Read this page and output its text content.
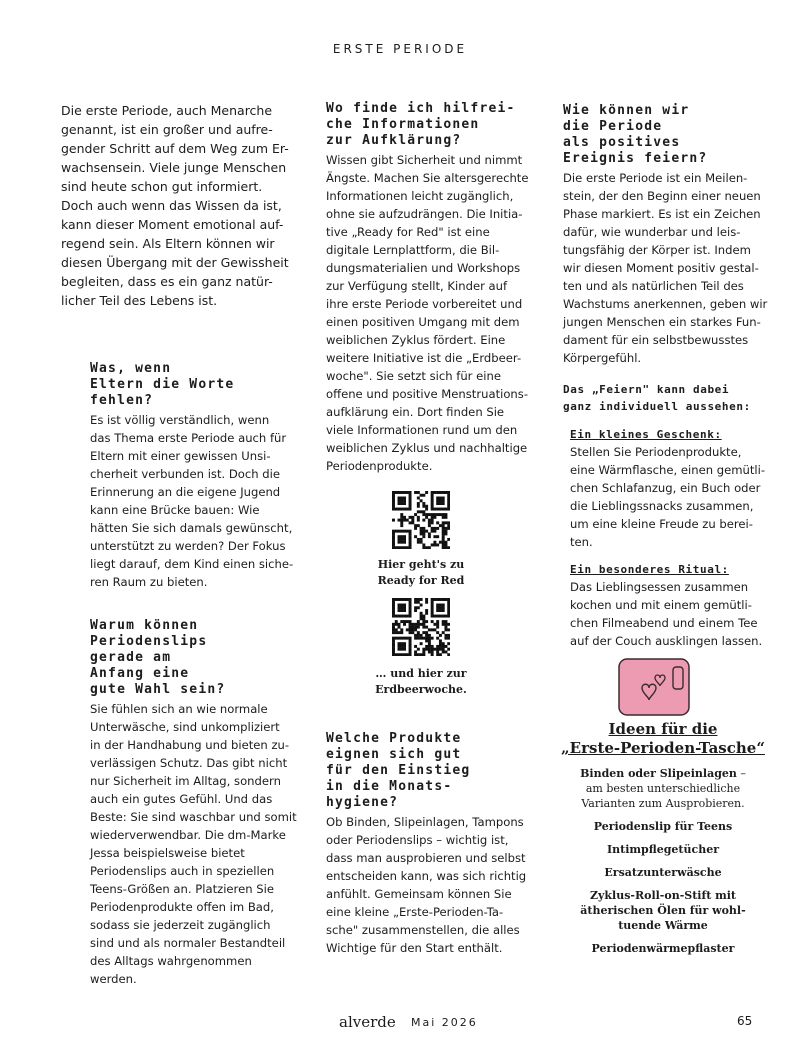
ERSTE PERIODE
Die erste Periode, auch Menarche
genannt, ist ein großer und aufre-
gender Schritt auf dem Weg zum Er-
wachsensein. Viele junge Menschen
sind heute schon gut informiert.
Doch auch wenn das Wissen da ist,
kann dieser Moment emotional auf-
regend sein. Als Eltern können wir
diesen Übergang mit der Gewissheit
begleiten, dass es ein ganz natür-
licher Teil des Lebens ist.
Was, wenn
Eltern die Worte
fehlen?
Es ist völlig verständlich, wenn
das Thema erste Periode auch für
Eltern mit einer gewissen Unsi-
cherheit verbunden ist. Doch die
Erinnerung an die eigene Jugend
kann eine Brücke bauen: Wie
hätten Sie sich damals gewünscht,
unterstützt zu werden? Der Fokus
liegt darauf, dem Kind einen siche-
ren Raum zu bieten.
Warum können
Periodenslips
gerade am
Anfang eine
gute Wahl sein?
Sie fühlen sich an wie normale
Unterwäsche, sind unkompliziert
in der Handhabung und bieten zu-
verlässigen Schutz. Das gibt nicht
nur Sicherheit im Alltag, sondern
auch ein gutes Gefühl. Und das
Beste: Sie sind waschbar und somit
wiederverwendbar. Die dm-Marke
Jessa beispielsweise bietet
Periodenslips auch in speziellen
Teens-Größen an. Platzieren Sie
Periodenprodukte offen im Bad,
sodass sie jederzeit zugänglich
sind und als normaler Bestandteil
des Alltags wahrgenommen
werden.
Wo finde ich hilfrei-
che Informationen
zur Aufklärung?
Wissen gibt Sicherheit und nimmt
Ängste. Machen Sie altersgerechte
Informationen leicht zugänglich,
ohne sie aufzudrängen. Die Initia-
tive „Ready for Red" ist eine
digitale Lernplattform, die Bil-
dungsmaterialien und Workshops
zur Verfügung stellt, Kinder auf
ihre erste Periode vorbereitet und
einen positiven Umgang mit dem
weiblichen Zyklus fördert. Eine
weitere Initiative ist die „Erdbeer-
woche". Sie setzt sich für eine
offene und positive Menstruations-
aufklärung ein. Dort finden Sie
viele Informationen rund um den
weiblichen Zyklus und nachhaltige
Periodenprodukte.
Hier geht's zu
Ready for Red
… und hier zur
Erdbeerwoche.
Welche Produkte
eignen sich gut
für den Einstieg
in die Monats-
hygiene?
Ob Binden, Slipeinlagen, Tampons
oder Periodenslips – wichtig ist,
dass man ausprobieren und selbst
entscheiden kann, was sich richtig
anfühlt. Gemeinsam können Sie
eine kleine „Erste-Perioden-Ta-
sche" zusammenstellen, die alles
Wichtige für den Start enthält.
Wie können wir
die Periode
als positives
Ereignis feiern?
Die erste Periode ist ein Meilen-
stein, der den Beginn einer neuen
Phase markiert. Es ist ein Zeichen
dafür, wie wunderbar und leis-
tungsfähig der Körper ist. Indem
wir diesen Moment positiv gestal-
ten und als natürlichen Teil des
Wachstums anerkennen, geben wir
jungen Menschen ein starkes Fun-
dament für ein selbstbewusstes
Körpergefühl.
Das „Feiern" kann dabei
ganz individuell aussehen:
Ein kleines Geschenk:
Stellen Sie Periodenprodukte,
eine Wärmflasche, einen gemütli-
chen Schlafanzug, ein Buch oder
die Lieblingssnacks zusammen,
um eine kleine Freude zu berei-
ten.
Ein besonderes Ritual:
Das Lieblingsessen zusammen
kochen und mit einem gemütli-
chen Filmeabend und einem Tee
auf der Couch ausklingen lassen.
Ideen für die
„Erste-Perioden-Tasche“
Binden oder Slipeinlagen –
am besten unterschiedliche
Varianten zum Ausprobieren.
Periodenslip für Teens
Intimpflegetücher
Ersatzunterwäsche
Zyklus-Roll-on-Stift mit
ätherischen Ölen für wohl-
tuende Wärme
Periodenwärmepflaster
alverde Mai 2026	65
